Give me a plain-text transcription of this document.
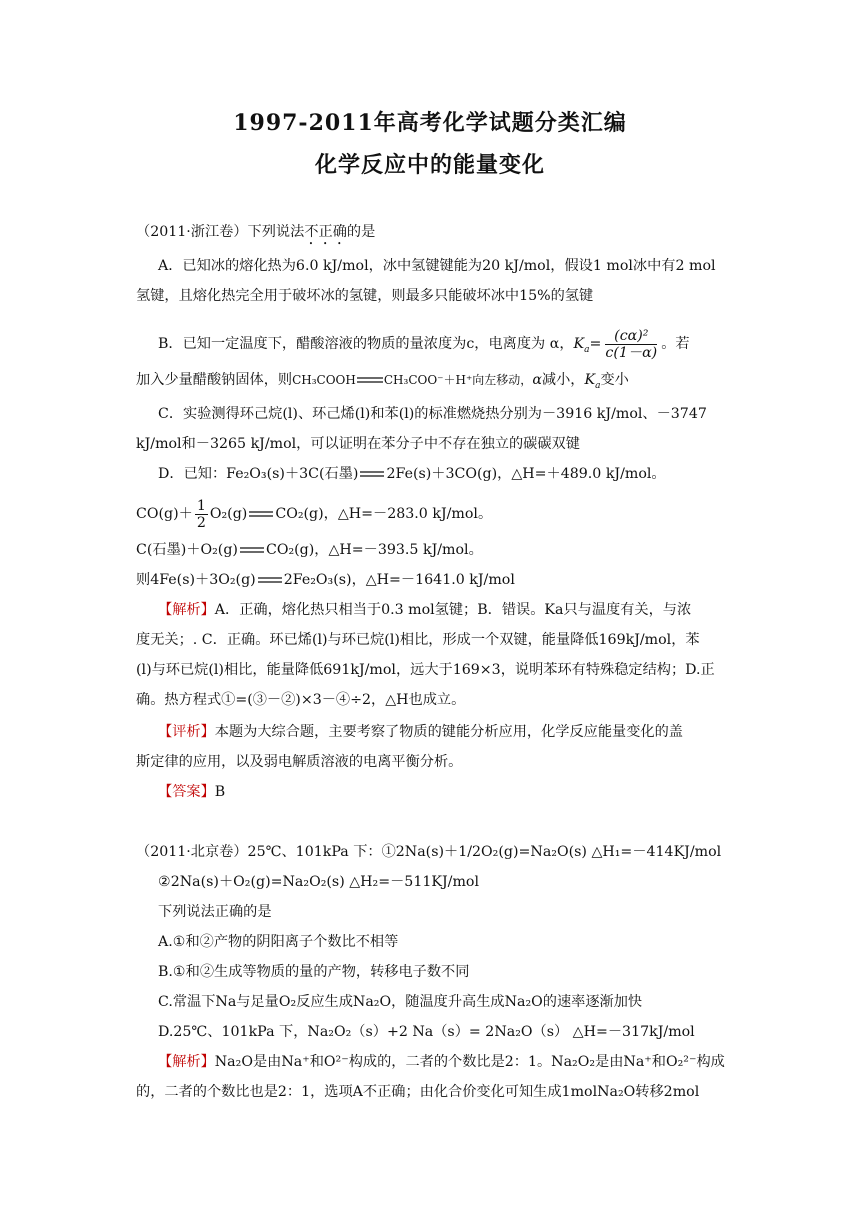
1997-2011年高考化学试题分类汇编
化学反应中的能量变化
（2011·浙江卷）下列说法不正确的是
A．已知冰的熔化热为6.0 kJ/mol，冰中氢键键能为20 kJ/mol，假设1 mol冰中有2 mol
氢键，且熔化热完全用于破坏冰的氢键，则最多只能破坏冰中15%的氢键
B．已知一定温度下，醋酸溶液的物质的量浓度为c，电离度为 α，$K_a= \frac{\text{(cα)²}}{c(1-\alpha)}$ 。若
加入少量醋酸钠固体，则CH₃COOH CH₃COO⁻＋H⁺向左移动，α减小，$K_a$变小
C．实验测得环己烷(l)、环己烯(l)和苯(l)的标准燃烧热分别为－3916 kJ/mol、－3747
kJ/mol和－3265 kJ/mol，可以证明在苯分子中不存在独立的碳碳双键
D．已知：Fe₂O₃(s)＋3C(石墨) 2Fe(s)＋3CO(g)，△H=＋489.0 kJ/mol。
$CO(g)+ \frac{1}{2} O_2(g)$ CO₂(g)，△H=－283.0 kJ/mol。
C(石墨)＋O₂(g) CO₂(g)，△H=－393.5 kJ/mol。
则4Fe(s)＋3O₂(g) 2Fe₂O₃(s)，△H=－1641.0 kJ/mol
【解析】A．正确，熔化热只相当于0.3 mol氢键；B．错误。Ka只与温度有关，与浓
度无关；. C．正确。环已烯(l)与环已烷(l)相比，形成一个双键，能量降低169kJ/mol，苯
(l)与环已烷(l)相比，能量降低691kJ/mol，远大于169×3，说明苯环有特殊稳定结构；D.正
确。热方程式①=(③－②)×3－④÷2，△H也成立。
【评析】本题为大综合题，主要考察了物质的键能分析应用，化学反应能量变化的盖
斯定律的应用，以及弱电解质溶液的电离平衡分析。
【答案】B
（2011·北京卷）25℃、101kPa 下：①2Na(s)＋1/2O₂(g)=Na₂O(s) △H₁=－414KJ/mol
②2Na(s)＋O₂(g)=Na₂O₂(s) △H₂=－511KJ/mol
下列说法正确的是
A.①和②产物的阴阳离子个数比不相等
B.①和②生成等物质的量的产物，转移电子数不同
C.常温下Na与足量O₂反应生成Na₂O，随温度升高生成Na₂O的速率逐渐加快
D.25℃、101kPa 下，Na₂O₂（s）+2 Na（s）= 2Na₂O（s） △H=－317kJ/mol
【解析】Na₂O是由Na⁺和O²⁻构成的，二者的个数比是2：1。Na₂O₂是由Na⁺和O₂²⁻构成
的，二者的个数比也是2：1，选项A不正确；由化合价变化可知生成1molNa₂O转移2mol
